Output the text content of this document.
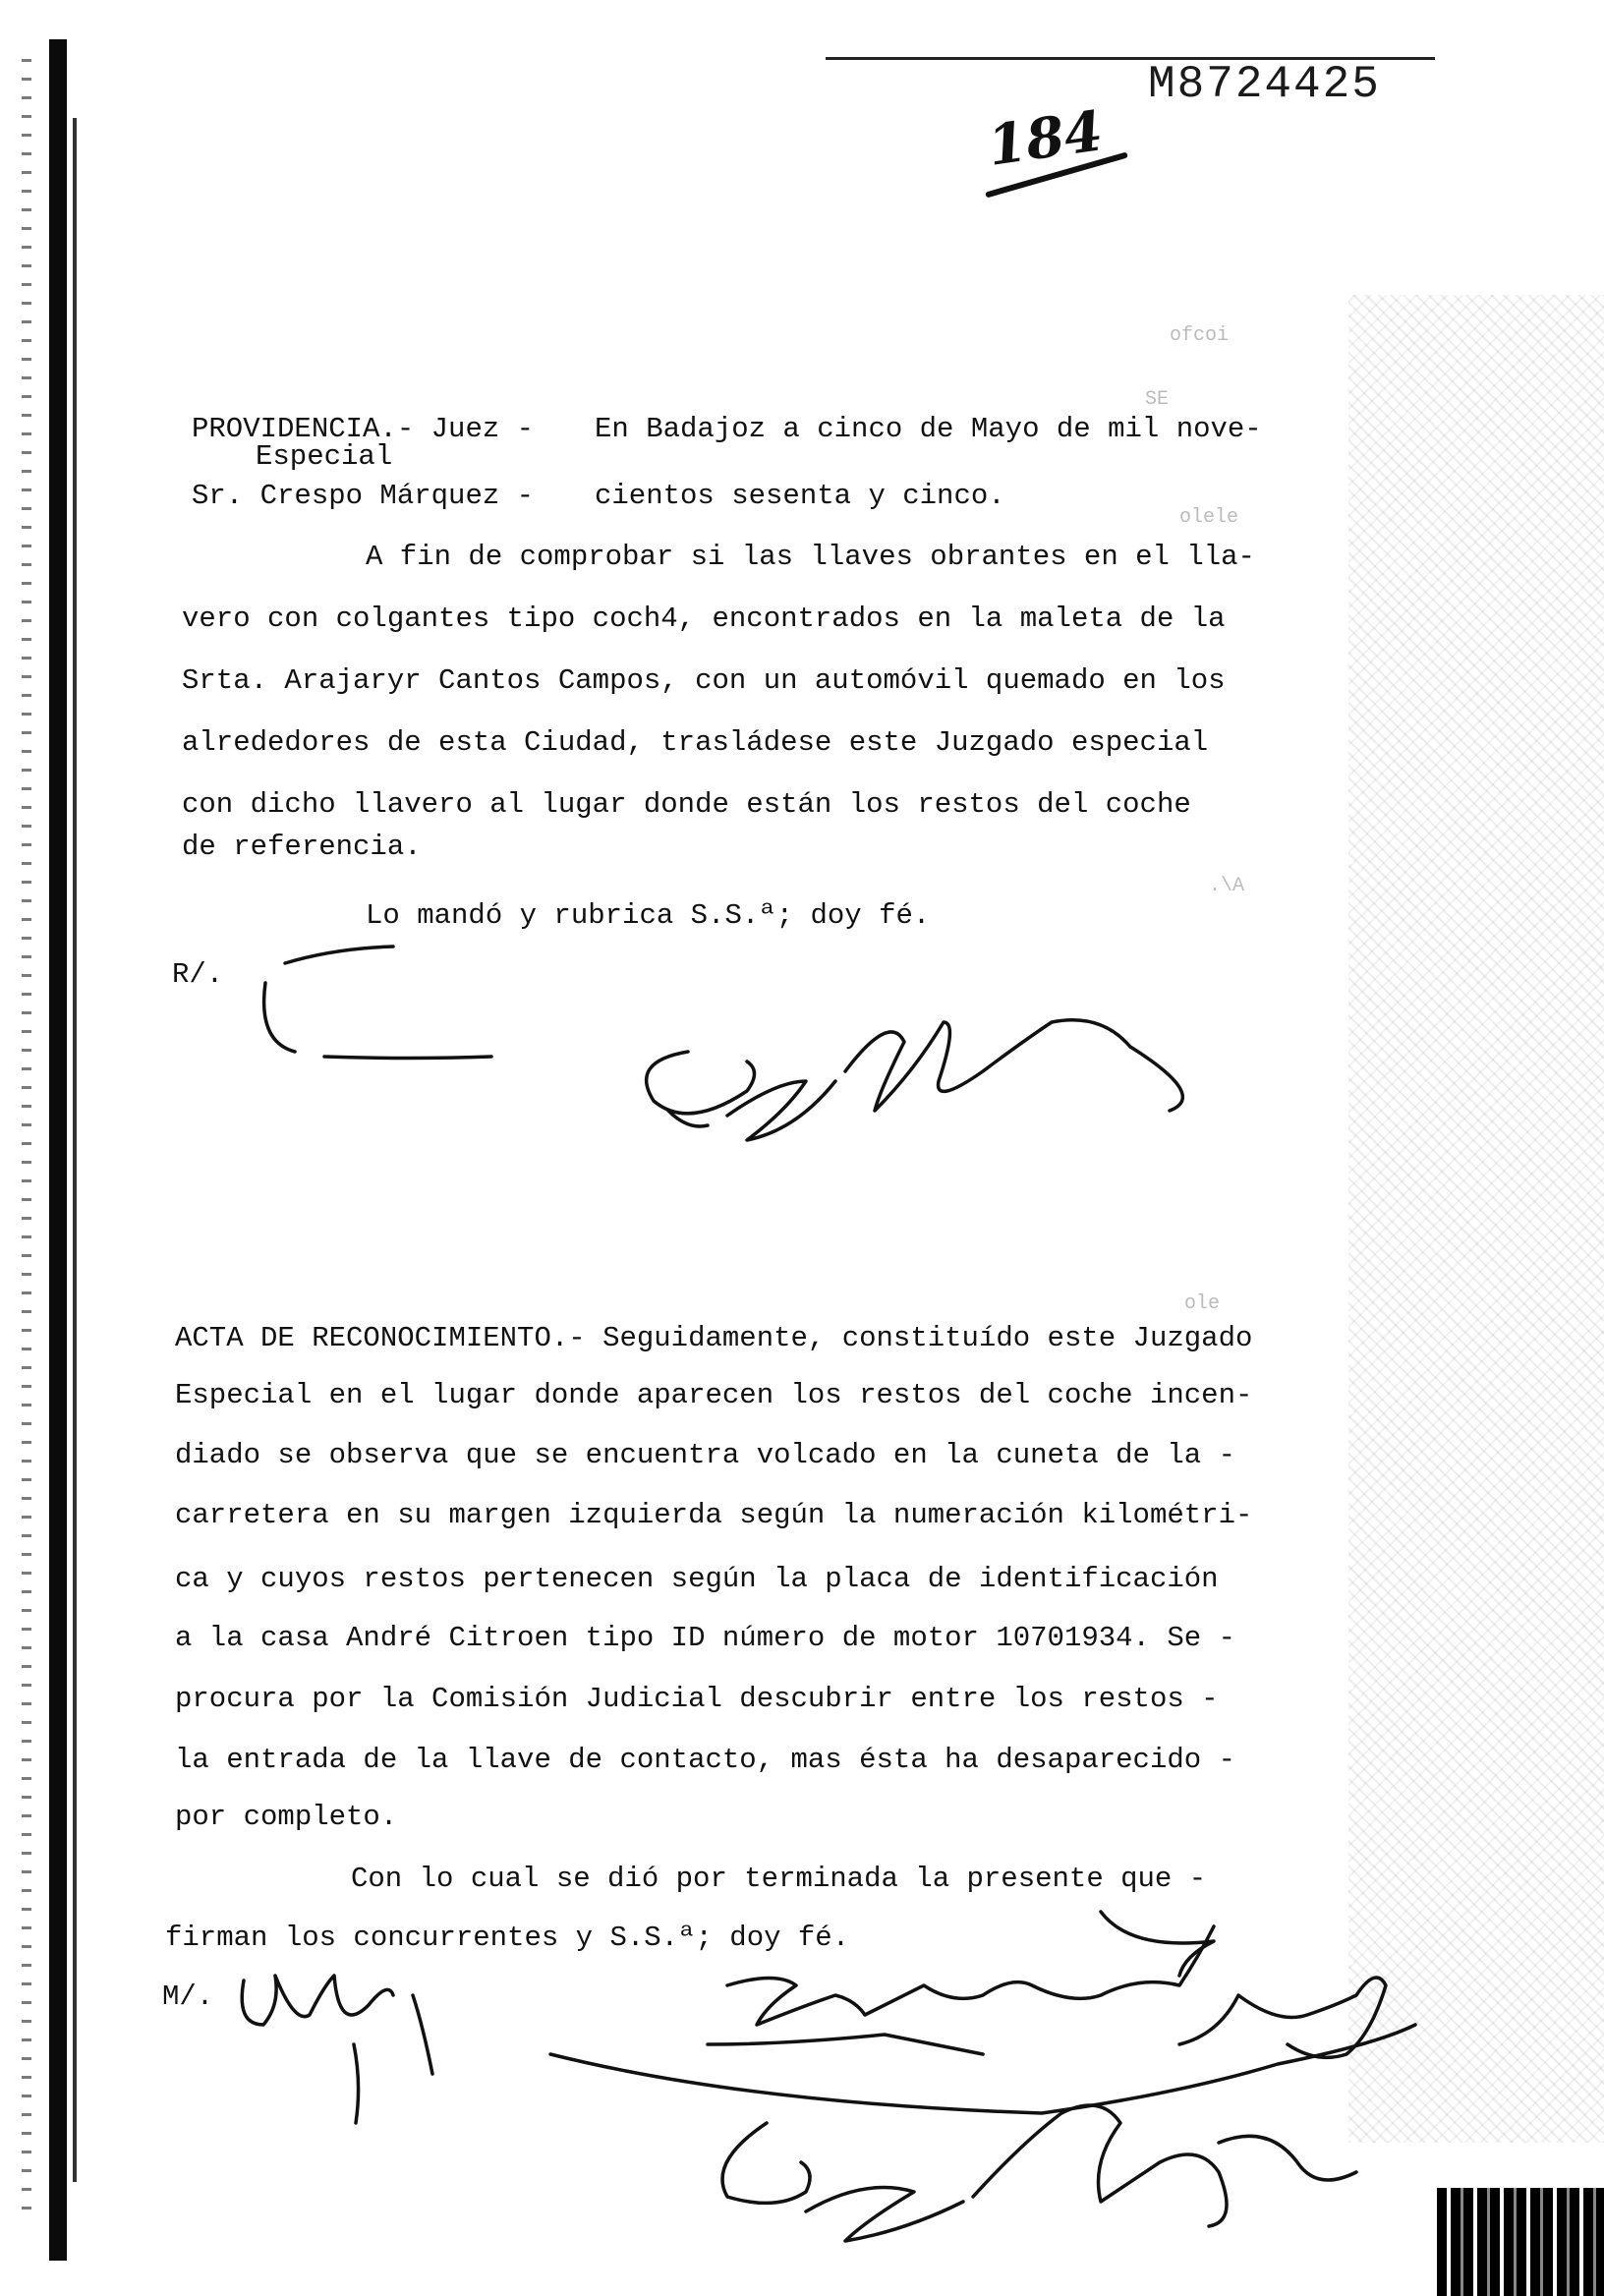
M8724425
184
PROVIDENCIA.- Juez -
Especial
Sr. Crespo Márquez -
En Badajoz a cinco de Mayo de mil nove-
cientos sesenta y cinco.
A fin de comprobar si las llaves obrantes en el lla-
vero con colgantes tipo coch4, encontrados en la maleta de la
Srta. Arajaryr Cantos Campos, con un automóvil quemado en los
alrededores de esta Ciudad, trasládese este Juzgado especial
con dicho llavero al lugar donde están los restos del coche
de referencia.
Lo mandó y rubrica S.S.ª; doy fé.
R/.
ACTA DE RECONOCIMIENTO.- Seguidamente, constituído este Juzgado
Especial en el lugar donde aparecen los restos del coche incen-
diado se observa que se encuentra volcado en la cuneta de la -
carretera en su margen izquierda según la numeración kilométri-
ca y cuyos restos pertenecen según la placa de identificación
a la casa André Citroen tipo ID número de motor 10701934. Se -
procura por la Comisión Judicial descubrir entre los restos -
la entrada de la llave de contacto, mas ésta ha desaparecido -
por completo.
Con lo cual se dió por terminada la presente que -
firman los concurrentes y S.S.ª; doy fé.
M/.
ofcoi
SE
olele
.\A
ole
